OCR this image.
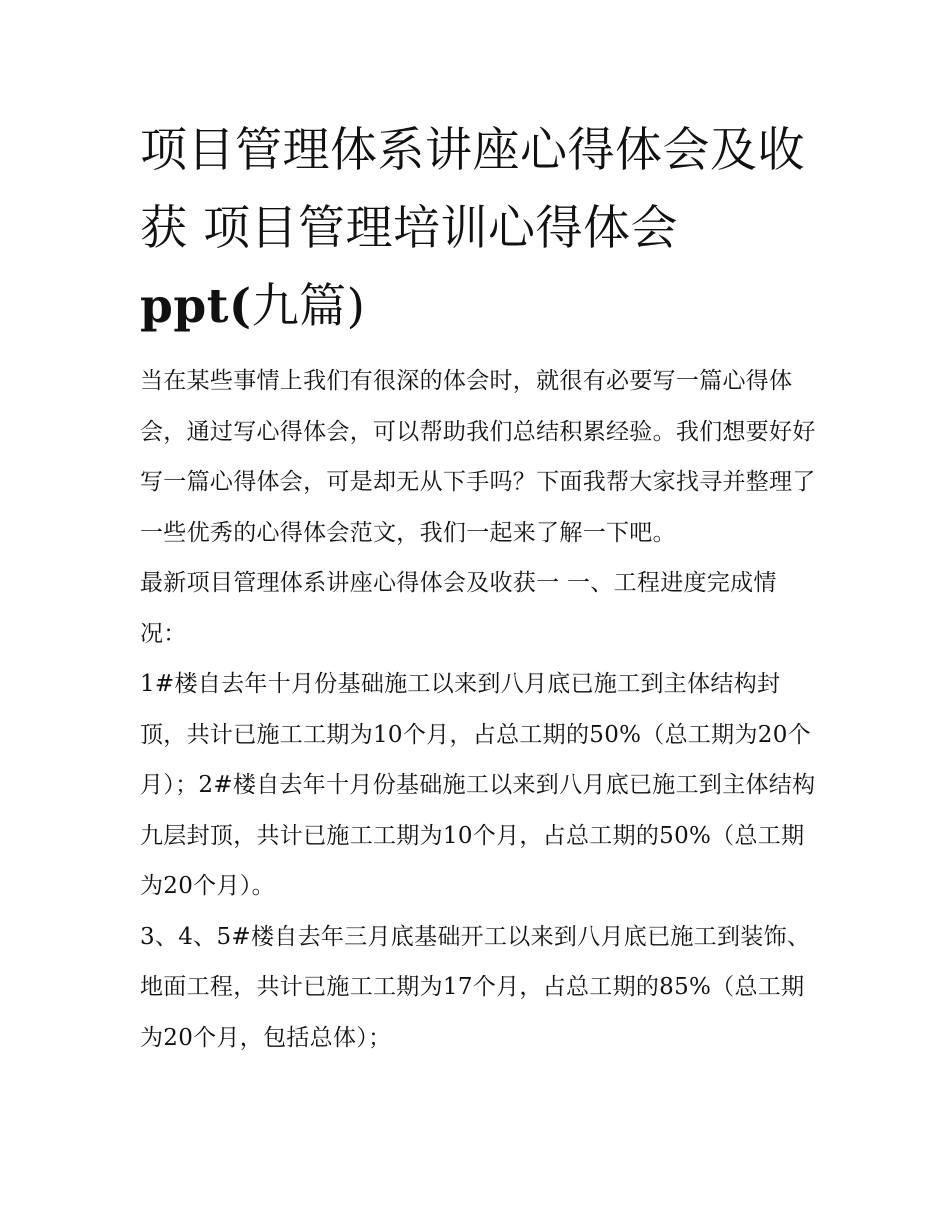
项目管理体系讲座心得体会及收获 项目管理培训心得体会ppt(九篇)

当在某些事情上我们有很深的体会时，就很有必要写一篇心得体会，通过写心得体会，可以帮助我们总结积累经验。我们想要好好写一篇心得体会，可是却无从下手吗？下面我帮大家找寻并整理了一些优秀的心得体会范文，我们一起来了解一下吧。

最新项目管理体系讲座心得体会及收获一 一、工程进度完成情况：

1#楼自去年十月份基础施工以来到八月底已施工到主体结构封顶，共计已施工工期为10个月，占总工期的50%（总工期为20个月）；2#楼自去年十月份基础施工以来到八月底已施工到主体结构九层封顶，共计已施工工期为10个月，占总工期的50%（总工期为20个月）。

3、4、5#楼自去年三月底基础开工以来到八月底已施工到装饰、地面工程，共计已施工工期为17个月，占总工期的85%（总工期为20个月，包括总体）；
